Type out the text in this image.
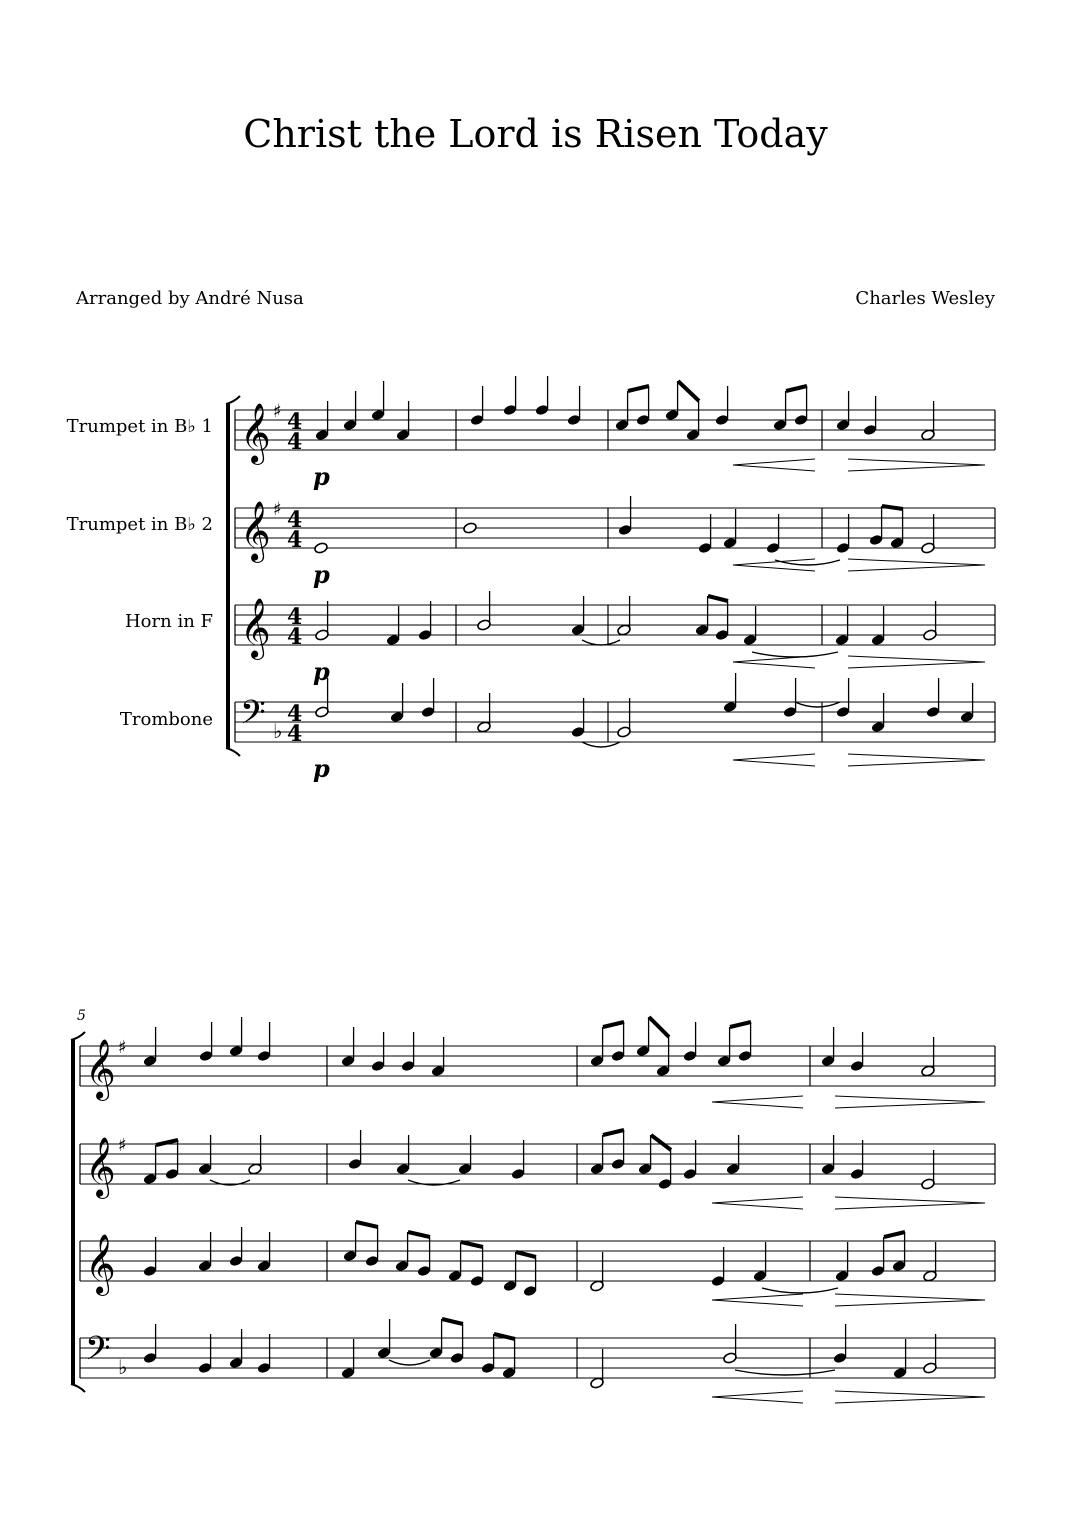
Christ the Lord is Risen Today
Arranged by André Nusa	Charles Wesley
Trumpet in B♭ 1
Trumpet in B♭ 2
Horn in F
Trombone
5
𝄞 ♯ 4
4
𝄞 ♯ 4
4
𝄞 4
4
𝄢 ♭
4
4
𝄞 ♯
𝄞 ♯
𝄞
𝄢 ♭
p
p
p
p
